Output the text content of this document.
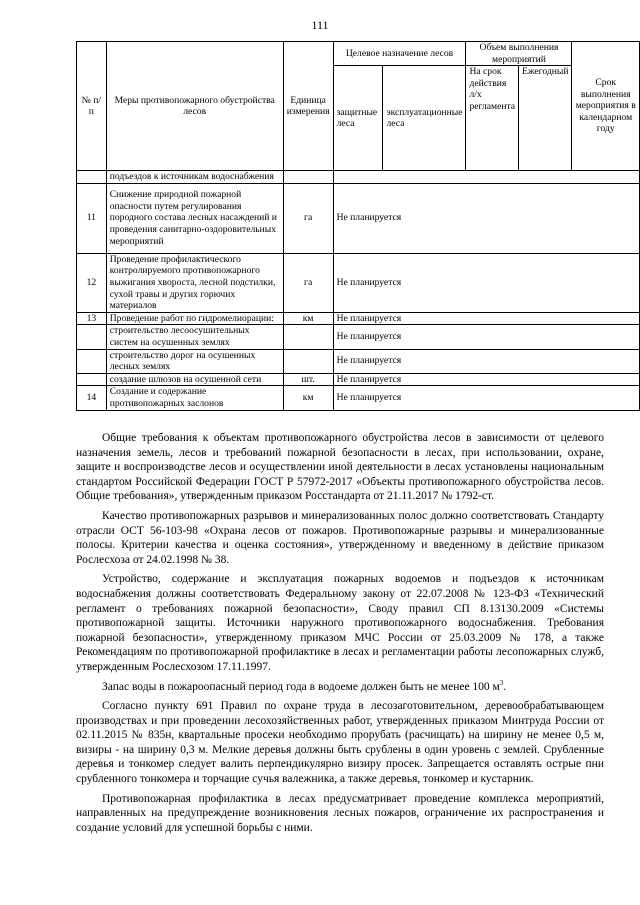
111
№ п/п	Меры противопожарного обустройства лесов	Единица измерения	Целевое назначение лесов		Объем выполнения мероприятий		Срок выполнения мероприятия в календарном году
			защитные леса	эксплуатационные леса	На срок действия л/х регламента	Ежегодный	

	подъездов к источникам водоснабжения						
11	Снижение природной пожарной опасности путем регулирования породного состава лесных насаждений и проведения санитарно-оздоровительных мероприятий	га	Не планируется				
12	Проведение профилактического контролируемого противопожарного выжигания хвороста, лесной подстилки, сухой травы и других горючих материалов	га	Не планируется				
13	Проведение работ по гидромелиорации:	км	Не планируется				
	строительство лесоосушительных систем на осушенных землях		Не планируется				
	строительство дорог на осушенных лесных землях		Не планируется				
	создание шлюзов на осушенной сети	шт.	Не планируется				
14	Создание и содержание противопожарных заслонов	км	Не планируется				

Общие требования к объектам противопожарного обустройства лесов в зависимости от целевого назначения земель, лесов и требований пожарной безопасности в лесах, при использовании, охране, защите и воспроизводстве лесов и осуществлении иной деятельности в лесах установлены национальным стандартом Российской Федерации ГОСТ Р 57972-2017 «Объекты противопожарного обустройства лесов. Общие требования», утвержденным приказом Росстандарта от 21.11.2017 № 1792-ст.

Качество противопожарных разрывов и минерализованных полос должно соответствовать Стандарту отрасли ОСТ 56-103-98 «Охрана лесов от пожаров. Противопожарные разрывы и минерализованные полосы. Критерии качества и оценка состояния», утвержденному и введенному в действие приказом Рослесхоза от 24.02.1998 № 38.

Устройство, содержание и эксплуатация пожарных водоемов и подъездов к источникам водоснабжения должны соответствовать Федеральному закону от 22.07.2008 № 123-ФЗ «Технический регламент о требованиях пожарной безопасности», Своду правил СП 8.13130.2009 «Системы противопожарной защиты. Источники наружного противопожарного водоснабжения. Требования пожарной безопасности», утвержденному приказом МЧС России от 25.03.2009 № 178, а также Рекомендациям по противопожарной профилактике в лесах и регламентации работы лесопожарных служб, утвержденным Рослесхозом 17.11.1997.

Запас воды в пожароопасный период года в водоеме должен быть не менее 100 $м^3$.

Согласно пункту 691 Правил по охране труда в лесозаготовительном, деревообрабатывающем производствах и при проведении лесохозяйственных работ, утвержденных приказом Минтруда России от 02.11.2015 № 835н, квартальные просеки необходимо прорубать (расчищать) на ширину не менее 0,5 м, визиры - на ширину 0,3 м. Мелкие деревья должны быть срублены в один уровень с землей. Срубленные деревья и тонкомер следует валить перпендикулярно визиру просек. Запрещается оставлять острые пни срубленного тонкомера и торчащие сучья валежника, а также деревья, тонкомер и кустарник.

Противопожарная профилактика в лесах предусматривает проведение комплекса мероприятий, направленных на предупреждение возникновения лесных пожаров, ограничение их распространения и создание условий для успешной борьбы с ними.
